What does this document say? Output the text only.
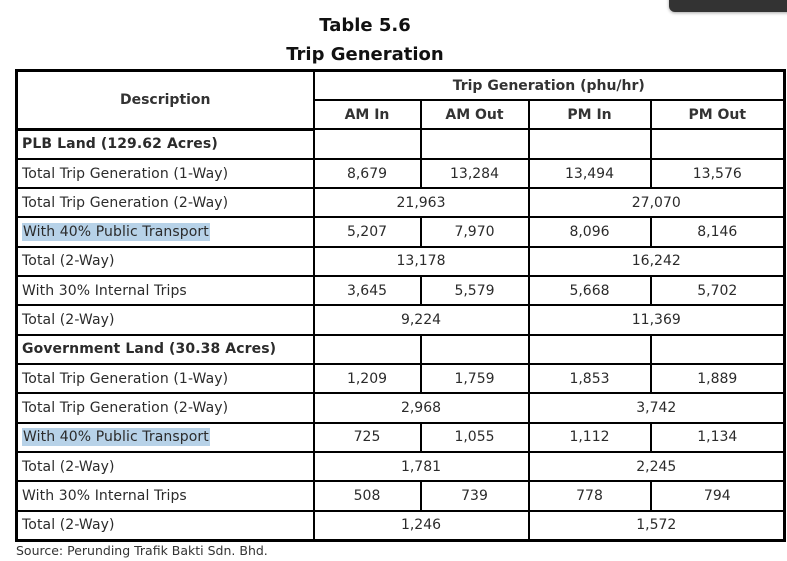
Table 5.6
Trip Generation
Description	Trip Generation (phu/hr)			
	AM In	AM Out	PM In	PM Out
PLB Land (129.62 Acres)				
Total Trip Generation (1-Way)	8,679	13,284	13,494	13,576
Total Trip Generation (2-Way)	21,963		27,070	
With 40% Public Transport	5,207	7,970	8,096	8,146
Total (2-Way)	13,178		16,242	
With 30% Internal Trips	3,645	5,579	5,668	5,702
Total (2-Way)	9,224		11,369	
Government Land (30.38 Acres)				
Total Trip Generation (1-Way)	1,209	1,759	1,853	1,889
Total Trip Generation (2-Way)	2,968		3,742	
With 40% Public Transport	725	1,055	1,112	1,134
Total (2-Way)	1,781		2,245	
With 30% Internal Trips	508	739	778	794
Total (2-Way)	1,246		1,572	
Source: Perunding Trafik Bakti Sdn. Bhd.
